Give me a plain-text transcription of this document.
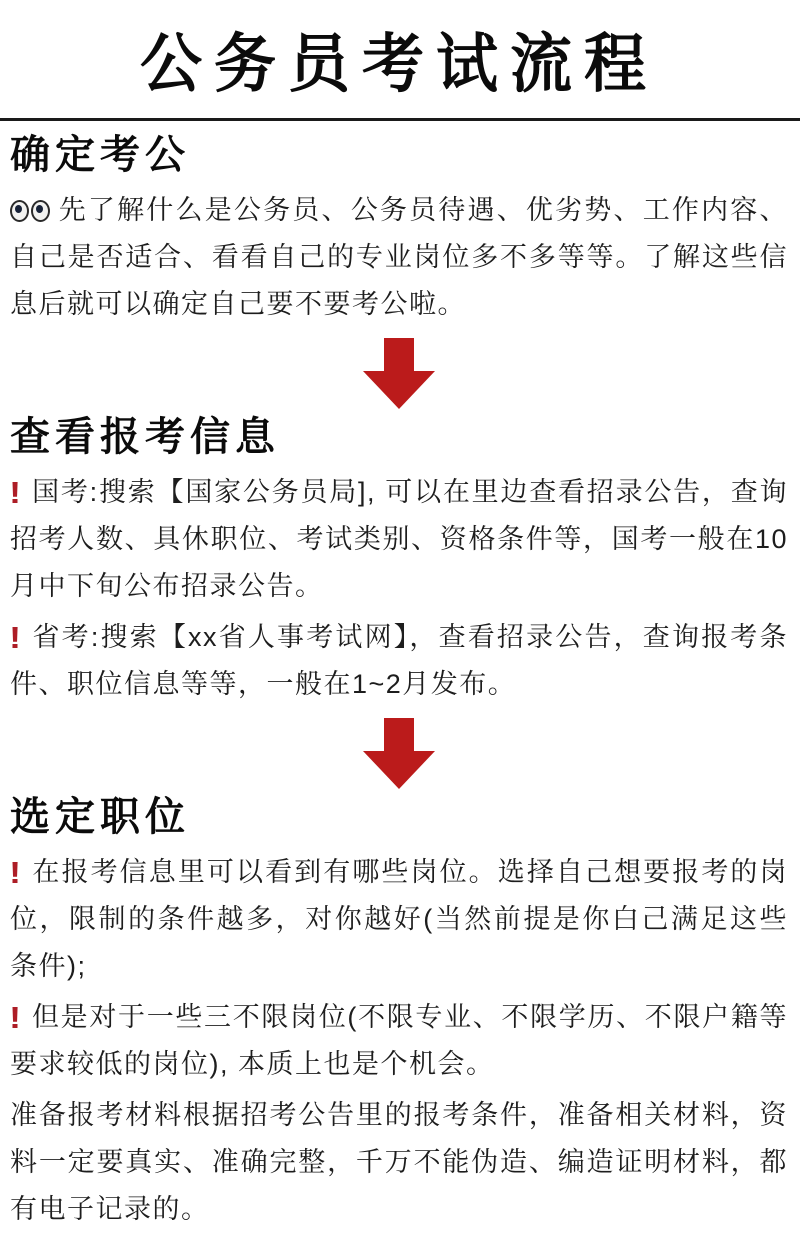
公务员考试流程
确定考公

先了解什么是公务员、公务员待遇、优劣势、工作内容、自己是否适合、看看自己的专业岗位多不多等等。了解这些信息后就可以确定自己要不要考公啦。

查看报考信息

! 国考:搜索【国家公务员局], 可以在里边查看招录公告，查询招考人数、具休职位、考试类别、资格条件等，国考一般在10月中下旬公布招录公告。

! 省考:搜索【xx省人事考试网】，查看招录公告，查询报考条件、职位信息等等，一般在1~2月发布。

选定职位

! 在报考信息里可以看到有哪些岗位。选择自己想要报考的岗位，限制的条件越多，对你越好(当然前提是你白己满足这些条件);

! 但是对于一些三不限岗位(不限专业、不限学历、不限户籍等要求较低的岗位), 本质上也是个机会。

准备报考材料根据招考公告里的报考条件，准备相关材料，资料一定要真实、准确完整，千万不能伪造、编造证明材料，都有电子记录的。
